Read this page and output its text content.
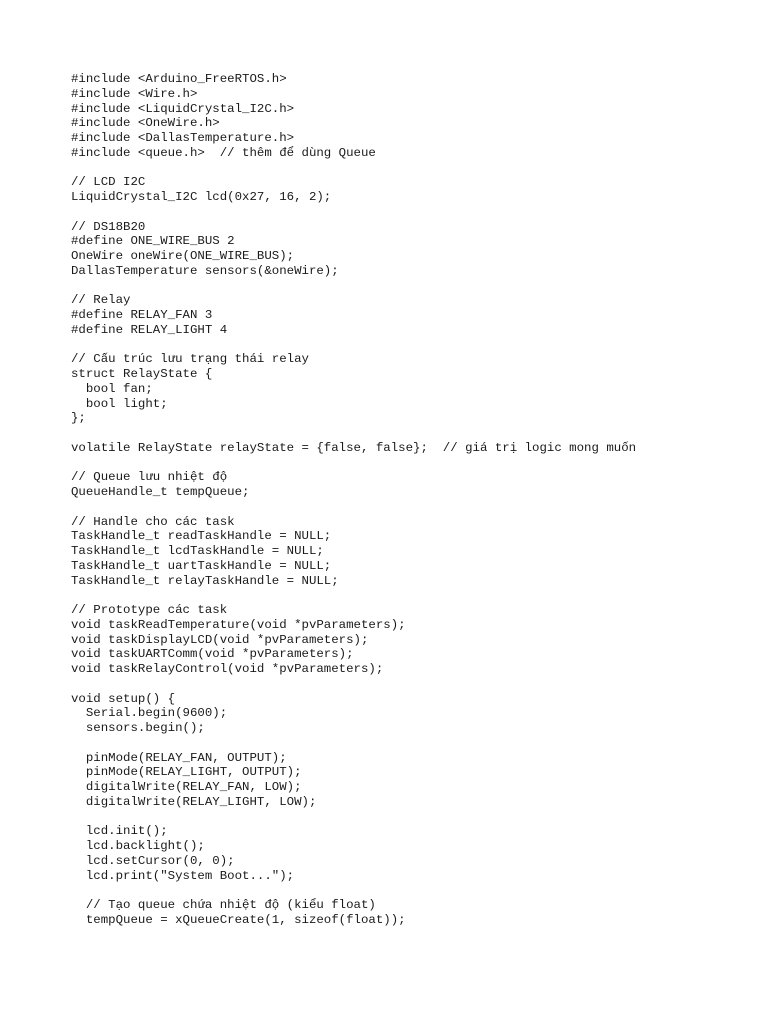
#include <Arduino_FreeRTOS.h>
#include <Wire.h>
#include <LiquidCrystal_I2C.h>
#include <OneWire.h>
#include <DallasTemperature.h>
#include <queue.h>  // thêm để dùng Queue
// LCD I2C
LiquidCrystal_I2C lcd(0x27, 16, 2);
// DS18B20
#define ONE_WIRE_BUS 2
OneWire oneWire(ONE_WIRE_BUS);
DallasTemperature sensors(&oneWire);
// Relay
#define RELAY_FAN 3
#define RELAY_LIGHT 4
// Cấu trúc lưu trạng thái relay
struct RelayState {
bool fan;
bool light;
};
volatile RelayState relayState = {false, false};  // giá trị logic mong muốn
// Queue lưu nhiệt độ
QueueHandle_t tempQueue;
// Handle cho các task
TaskHandle_t readTaskHandle = NULL;
TaskHandle_t lcdTaskHandle = NULL;
TaskHandle_t uartTaskHandle = NULL;
TaskHandle_t relayTaskHandle = NULL;
// Prototype các task
void taskReadTemperature(void *pvParameters);
void taskDisplayLCD(void *pvParameters);
void taskUARTComm(void *pvParameters);
void taskRelayControl(void *pvParameters);
void setup() {
Serial.begin(9600);
sensors.begin();
pinMode(RELAY_FAN, OUTPUT);
pinMode(RELAY_LIGHT, OUTPUT);
digitalWrite(RELAY_FAN, LOW);
digitalWrite(RELAY_LIGHT, LOW);
lcd.init();
lcd.backlight();
lcd.setCursor(0, 0);
lcd.print("System Boot...");
// Tạo queue chứa nhiệt độ (kiểu float)
tempQueue = xQueueCreate(1, sizeof(float));
